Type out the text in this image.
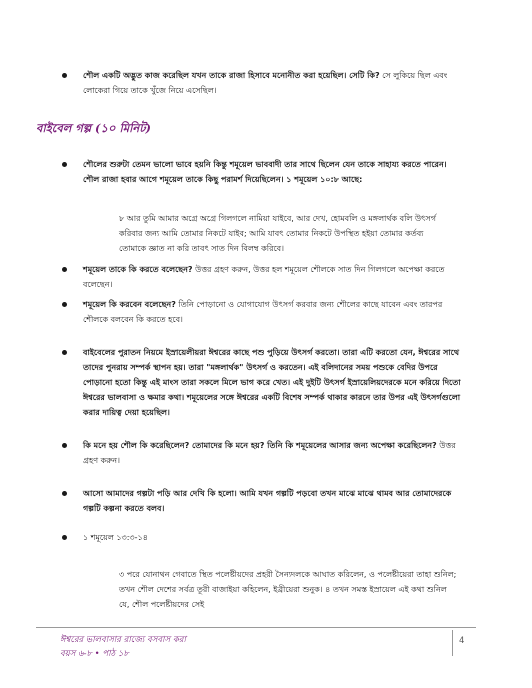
শৌল একটি অদ্ভুত কাজ করেছিল যখন তাকে রাজা হিসাবে মনোনীত করা হয়েছিল। সেটি কি? সে লুকিয়ে ছিল এবং লোকেরা গিয়ে তাকে খুঁজে নিয়ে এসেছিল।
বাইবেল গল্প (১০ মিনিট)
শৌলের শুরুটা তেমন ভালো ভাবে হয়নি কিন্তু শমূয়েল ভাববাদী তার সাথে ছিলেন যেন তাকে সাহায্য করতে পারেন। শৌল রাজা হবার আগে শমূয়েল তাকে কিছু পরামর্শ দিয়েছিলেন। ১ শমূয়েল ১০:৮ আছে:
৮ আর তুমি আমার অগ্রে অগ্রে গিলগলে নামিয়া যাইবে, আর দেখ, হোমবলি ও মঙ্গলার্থক বলি উৎসর্গ করিবার জন্য আমি তোমার নিকটে যাইব; আমি যাবৎ তোমার নিকটে উপস্থিত হইয়া তোমার কর্তব্য তোমাকে জ্ঞাত না করি তাবৎ সাত দিন বিলম্ব করিবে।
শমূয়েল তাকে কি করতে বলেছেন? উত্তর গ্রহণ করুন, উত্তর হল শমূয়েল শৌলকে সাত দিন গিলগলে অপেক্ষা করতে বলেছেন।
শমূয়েল কি করবেন বলেছেন? তিনি পোড়ানো ও যোগাযোগ উৎসর্গ করবার জন্য শৌলের কাছে যাবেন এবং তারপর শৌলকে বলবেন কি করতে হবে।
বাইবেলের পুরাতন নিয়মে ইস্রায়েলীয়রা ঈশ্বরের কাছে পশু পুড়িয়ে উৎসর্গ করতো। তারা এটি করতো যেন, ঈশ্বরের সাথে তাদের পুনরায় সম্পর্ক স্থাপন হয়। তারা "মঙ্গলার্থক" উৎসর্গ ও করতেন। এই বলিদানের সময় পশুকে বেদির উপরে পোড়ানো হতো কিন্তু এই মাংস তারা সকলে মিলে ভাগ করে খেত। এই দুইটি উৎসর্গ ইস্রায়েলিয়দেরকে মনে করিয়ে দিতো ঈশ্বরের ভালবাসা ও ক্ষমার কথা। শমূয়েলের সঙ্গে ঈশ্বরের একটি বিশেষ সম্পর্ক থাকার কারনে তার উপর এই উৎসর্গগুলো করার দায়িত্ব দেয়া হয়েছিল।
কি মনে হয় শৌল কি করেছিলেন? তোমাদের কি মনে হয়? তিনি কি শমূয়েলের আসার জন্য অপেক্ষা করেছিলেন? উত্তর গ্রহণ করুন।
আসো আমাদের গল্পটা পড়ি আর দেখি কি হলো। আমি যখন গল্পটি পড়বো তখন মাঝে মাঝে থামব আর তোমাদেরকে গল্পটি কল্পনা করতে বলব।
১ শমূয়েল ১৩:৩-১৪
৩ পরে যোনাথন গেবাতে স্থিত পলেষ্টীয়দের প্রহরী সৈন্যদলকে আঘাত করিলেন, ও পলেষ্টীয়েরা তাহা শুনিল; তখন শৌল দেশের সর্বত্র তূরী বাজাইয়া কহিলেন, ইব্রীয়েরা শুনুক। ৪ তখন সমস্ত ইস্রায়েল এই কথা শুনিল যে, শৌল পলেষ্টীয়দের সেই
ঈশ্বরের ভালবাসার রাজ্যে বসবাস করা
বয়স ৬-৮ • পাঠ ১৮
4
